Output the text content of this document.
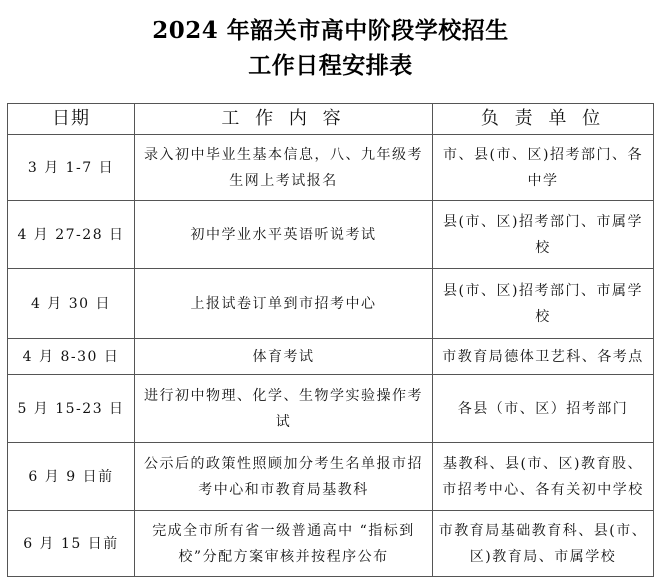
2024 年韶关市高中阶段学校招生
工作日程安排表
日期	工 作 内 容	负 责 单 位
3 月 1-7 日	录入初中毕业生基本信息，八、九年级考生网上考试报名	市、县(市、区)招考部门、各中学
4 月 27-28 日	初中学业水平英语听说考试	县(市、区)招考部门、市属学校
4 月 30 日	上报试卷订单到市招考中心	县(市、区)招考部门、市属学校
4 月 8-30 日	体育考试	市教育局德体卫艺科、各考点
5 月 15-23 日	进行初中物理、化学、生物学实验操作考试	各县（市、区）招考部门
6 月 9 日前	公示后的政策性照顾加分考生名单报市招考中心和市教育局基教科	基教科、县(市、区)教育股、市招考中心、各有关初中学校
6 月 15 日前	完成全市所有省一级普通高中 “指标到校”分配方案审核并按程序公布	市教育局基础教育科、县(市、区)教育局、市属学校
